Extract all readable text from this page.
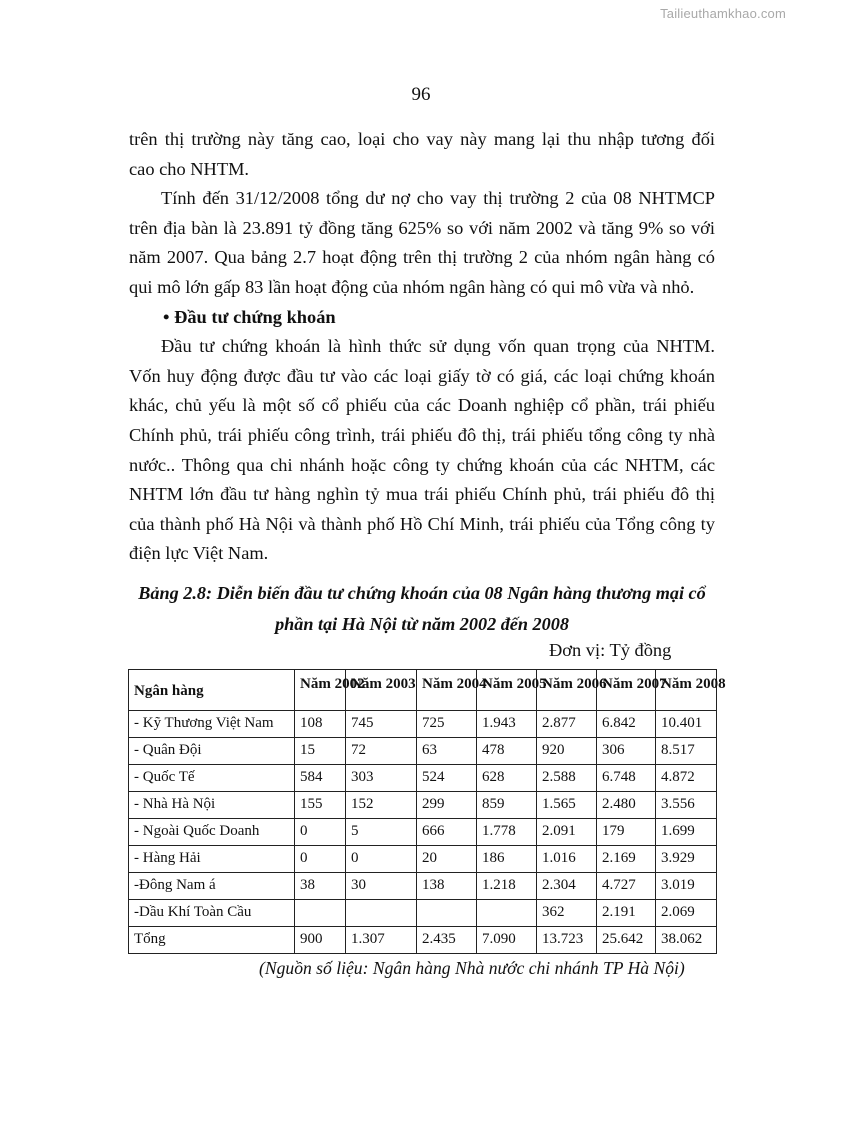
Tailieuthamkhao.com
96
trên thị trường này tăng cao, loại cho vay này mang lại thu nhập tương đối
cao cho NHTM.
Tính đến 31/12/2008 tổng dư nợ cho vay thị trường 2 của 08 NHTMCP
trên địa bàn là 23.891 tỷ đồng tăng 625% so với năm 2002 và tăng 9% so với
năm 2007. Qua bảng 2.7 hoạt động trên thị trường 2 của nhóm ngân hàng có
qui mô lớn gấp 83 lần hoạt động của nhóm ngân hàng có qui mô vừa và nhỏ.
• Đầu tư chứng khoán
Đầu tư chứng khoán là hình thức sử dụng vốn quan trọng của NHTM.
Vốn huy động được đầu tư vào các loại giấy tờ có giá, các loại chứng khoán
khác, chủ yếu là một số cổ phiếu của các Doanh nghiệp cổ phần, trái phiếu
Chính phủ, trái phiếu công trình, trái phiếu đô thị, trái phiếu tổng công ty nhà
nước.. Thông qua chi nhánh hoặc công ty chứng khoán của các NHTM, các
NHTM lớn đầu tư hàng nghìn tỷ mua trái phiếu Chính phủ, trái phiếu đô thị
của thành phố Hà Nội và thành phố Hồ Chí Minh, trái phiếu của Tổng công ty
điện lực Việt Nam.
Bảng 2.8: Diễn biến đầu tư chứng khoán của 08 Ngân hàng thương mại cổ
phần tại Hà Nội từ năm 2002 đến 2008
Đơn vị: Tỷ đồng
Ngân hàng	Năm 2002	Năm 2003	Năm 2004	Năm 2005	Năm 2006	Năm 2007	Năm 2008

- Kỹ Thương Việt Nam	108	745	725	1.943	2.877	6.842	10.401
- Quân Đội	15	72	63	478	920	306	8.517
- Quốc Tế	584	303	524	628	2.588	6.748	4.872
- Nhà Hà Nội	155	152	299	859	1.565	2.480	3.556
- Ngoài Quốc Doanh	0	5	666	1.778	2.091	179	1.699
- Hàng Hải	0	0	20	186	1.016	2.169	3.929
-Đông Nam á	38	30	138	1.218	2.304	4.727	3.019
-Dầu Khí Toàn Cầu					362	2.191	2.069
Tổng	900	1.307	2.435	7.090	13.723	25.642	38.062
(Nguồn số liệu: Ngân hàng Nhà nước chi nhánh TP Hà Nội)
